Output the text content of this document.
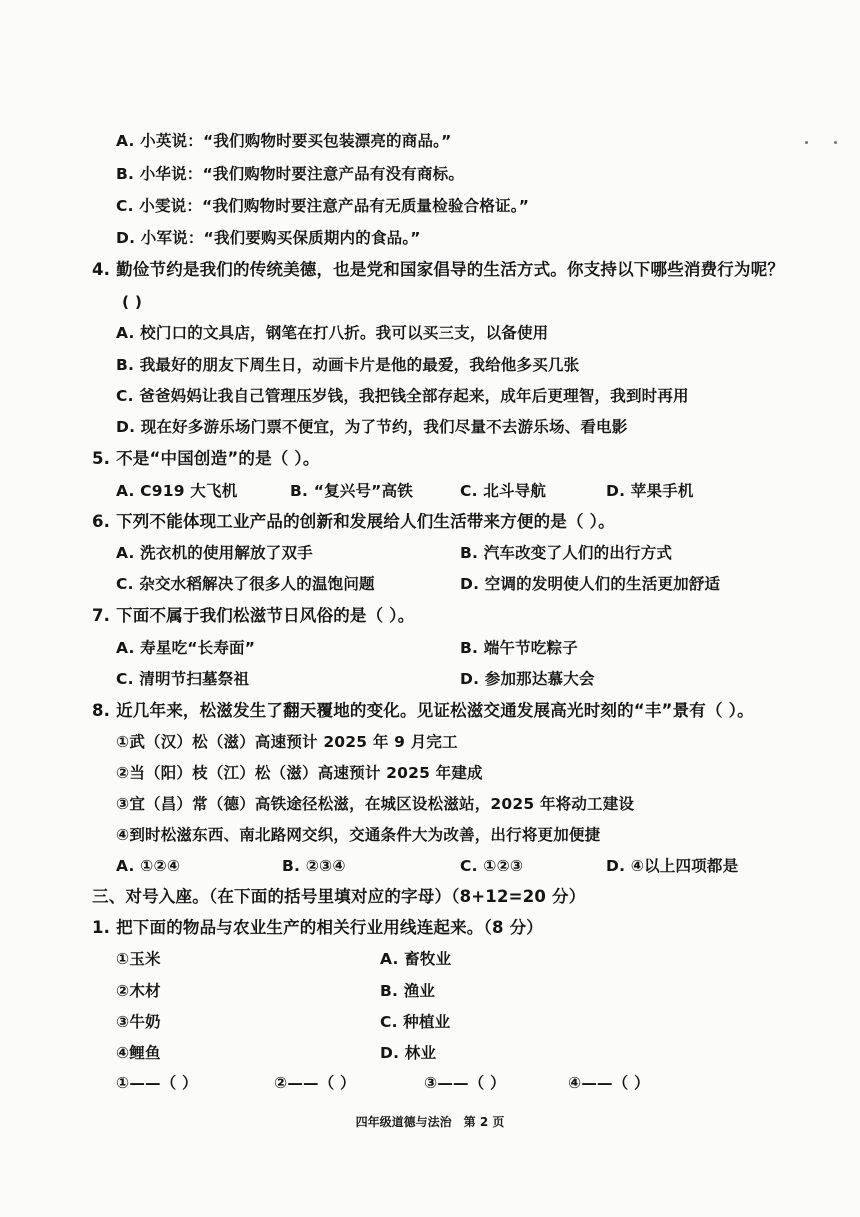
A. 小英说：“我们购物时要买包装漂亮的商品。”
B. 小华说：“我们购物时要注意产品有没有商标。
C. 小雯说：“我们购物时要注意产品有无质量检验合格证。”
D. 小军说：“我们要购买保质期内的食品。”
4. 勤俭节约是我们的传统美德，也是党和国家倡导的生活方式。你支持以下哪些消费行为呢？
( )
A. 校门口的文具店，钢笔在打八折。我可以买三支，以备使用
B. 我最好的朋友下周生日，动画卡片是他的最爱，我给他多买几张
C. 爸爸妈妈让我自己管理压岁钱，我把钱全部存起来，成年后更理智，我到时再用
D. 现在好多游乐场门票不便宜，为了节约，我们尽量不去游乐场、看电影
5. 不是“中国创造”的是（ ）。
A. C919 大飞机	B. “复兴号”高铁	C. 北斗导航	D. 苹果手机
6. 下列不能体现工业产品的创新和发展给人们生活带来方便的是（ ）。
A. 洗衣机的使用解放了双手	B. 汽车改变了人们的出行方式
C. 杂交水稻解决了很多人的温饱问题	D. 空调的发明使人们的生活更加舒适
7. 下面不属于我们松滋节日风俗的是（ ）。
A. 寿星吃“长寿面”	B. 端午节吃粽子
C. 清明节扫墓祭祖	D. 参加那达慕大会
8. 近几年来，松滋发生了翻天覆地的变化。见证松滋交通发展高光时刻的“丰”景有（ ）。
①武（汉）松（滋）高速预计 2025 年 9 月完工
②当（阳）枝（江）松（滋）高速预计 2025 年建成
③宜（昌）常（德）高铁途径松滋，在城区设松滋站，2025 年将动工建设
④到时松滋东西、南北路网交织，交通条件大为改善，出行将更加便捷
A. ①②④	B. ②③④	C. ①②③	D. ④以上四项都是
三、对号入座。（在下面的括号里填对应的字母）（8+12=20 分）
1. 把下面的物品与农业生产的相关行业用线连起来。（8 分）
①玉米	A. 畜牧业
②木材	B. 渔业
③牛奶	C. 种植业
④鲤鱼	D. 林业
①——（ ）	②——（ ）	③——（ ）	④——（ ）
四年级道德与法治　第 2 页
